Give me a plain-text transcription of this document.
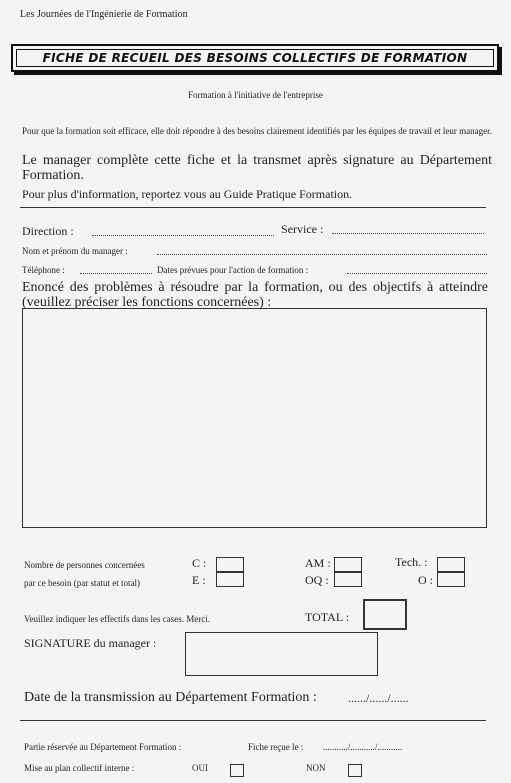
Les Journées de l'Ingénierie de Formation
FICHE DE RECUEIL DES BESOINS COLLECTIFS DE FORMATION
Formation à l'initiative de l'entreprise
Pour que la formation soit efficace, elle doit répondre à des besoins clairement identifiés par les équipes de travail et leur manager.
Le manager complète cette fiche et la transmet après signature au Département Formation.
Pour plus d'information, reportez vous au Guide Pratique Formation.
Direction :	Service :
Nom et prénom du manager :
Téléphone :	Dates prévues pour l'action de formation :
Enoncé des problèmes à résoudre par la formation, ou des objectifs à atteindre (veuillez préciser les fonctions concernées) :
Nombre de personnes concernées
par ce besoin (par statut et total)
C :
E :
AM :
OQ :
Tech. :
O :
Veuillez indiquer les effectifs dans les cases. Merci.	TOTAL :
SIGNATURE du manager :
Date de la transmission au Département Formation :	....../....../......
Partie réservée au Département Formation :	Fiche reçue le : .........../.........../...........
Mise au plan collectif interne :	OUI	NON
